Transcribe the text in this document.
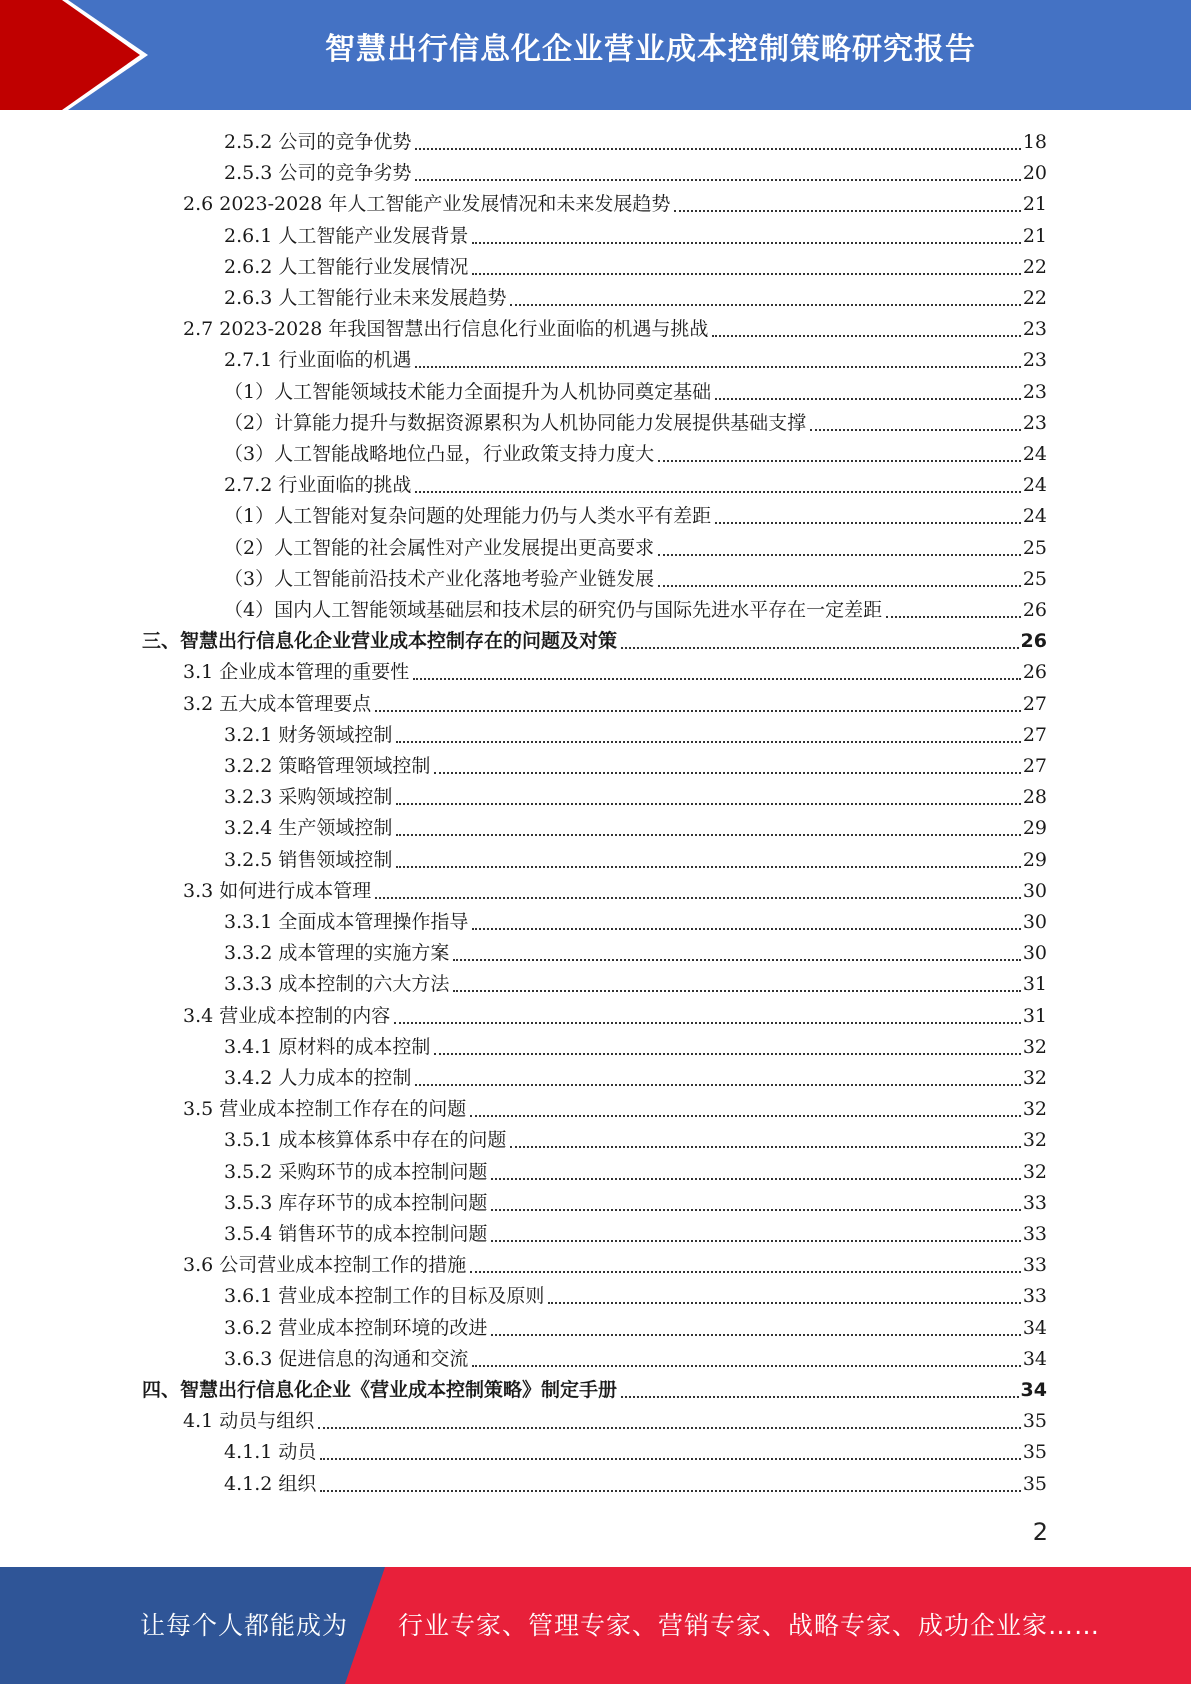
智慧出行信息化企业营业成本控制策略研究报告
2.5.2 公司的竞争优势	18
2.5.3 公司的竞争劣势	20
2.6 2023-2028 年人工智能产业发展情况和未来发展趋势	21
2.6.1 人工智能产业发展背景	21
2.6.2 人工智能行业发展情况	22
2.6.3 人工智能行业未来发展趋势	22
2.7 2023-2028 年我国智慧出行信息化行业面临的机遇与挑战	23
2.7.1 行业面临的机遇	23
（1）人工智能领域技术能力全面提升为人机协同奠定基础	23
（2）计算能力提升与数据资源累积为人机协同能力发展提供基础支撑	23
（3）人工智能战略地位凸显，行业政策支持力度大	24
2.7.2 行业面临的挑战	24
（1）人工智能对复杂问题的处理能力仍与人类水平有差距	24
（2）人工智能的社会属性对产业发展提出更高要求	25
（3）人工智能前沿技术产业化落地考验产业链发展	25
（4）国内人工智能领域基础层和技术层的研究仍与国际先进水平存在一定差距	26
三、智慧出行信息化企业营业成本控制存在的问题及对策	26
3.1 企业成本管理的重要性	26
3.2 五大成本管理要点	27
3.2.1 财务领域控制	27
3.2.2 策略管理领域控制	27
3.2.3 采购领域控制	28
3.2.4 生产领域控制	29
3.2.5 销售领域控制	29
3.3 如何进行成本管理	30
3.3.1 全面成本管理操作指导	30
3.3.2 成本管理的实施方案	30
3.3.3 成本控制的六大方法	31
3.4 营业成本控制的内容	31
3.4.1 原材料的成本控制	32
3.4.2 人力成本的控制	32
3.5 营业成本控制工作存在的问题	32
3.5.1 成本核算体系中存在的问题	32
3.5.2 采购环节的成本控制问题	32
3.5.3 库存环节的成本控制问题	33
3.5.4 销售环节的成本控制问题	33
3.6 公司营业成本控制工作的措施	33
3.6.1 营业成本控制工作的目标及原则	33
3.6.2 营业成本控制环境的改进	34
3.6.3 促进信息的沟通和交流	34
四、智慧出行信息化企业《营业成本控制策略》制定手册	34
4.1 动员与组织	35
4.1.1 动员	35
4.1.2 组织	35
2
让每个人都能成为 行业专家、管理专家、营销专家、战略专家、成功企业家……
